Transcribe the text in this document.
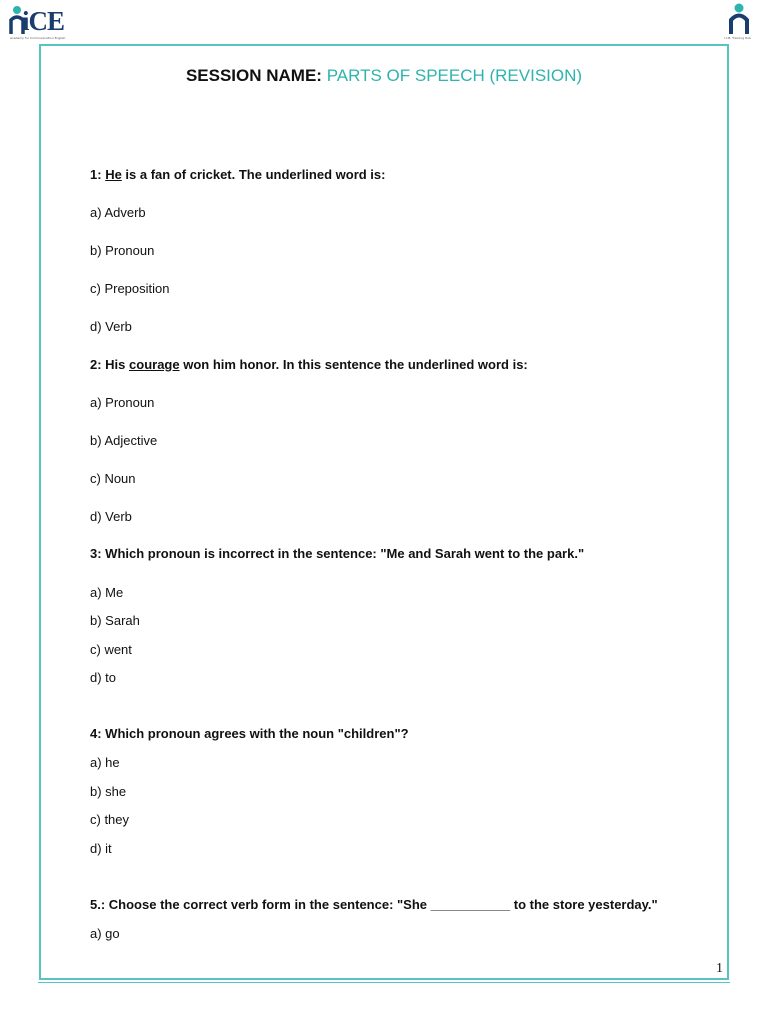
iCE
Academy for Communication English	I.I.M. Training Hub
SESSION NAME: PARTS OF SPEECH (REVISION)
1: He is a fan of cricket. The underlined word is:
a) Adverb
b) Pronoun
c) Preposition
d) Verb
2: His courage won him honor. In this sentence the underlined word is:
a) Pronoun
b) Adjective
c) Noun
d) Verb
3: Which pronoun is incorrect in the sentence: "Me and Sarah went to the park."
a) Me
b) Sarah
c) went
d) to
4: Which pronoun agrees with the noun "children"?
a) he
b) she
c) they
d) it
5.: Choose the correct verb form in the sentence: "She ___________ to the store yesterday."
a) go
1
